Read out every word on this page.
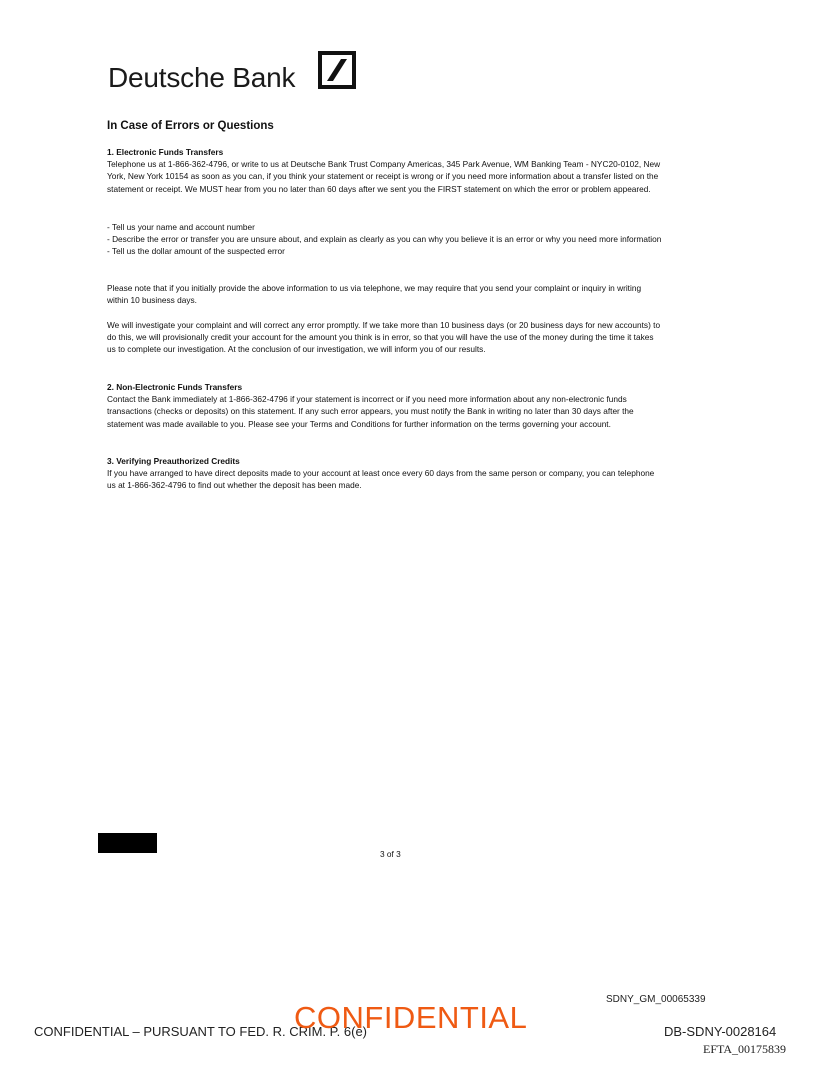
Deutsche Bank
In Case of Errors or Questions

1. Electronic Funds Transfers

Telephone us at 1-866-362-4796, or write to us at Deutsche Bank Trust Company Americas, 345 Park Avenue, WM Banking Team - NYC20-0102, New York, New York 10154 as soon as you can, if you think your statement or receipt is wrong or if you need more information about a transfer listed on the statement or receipt. We MUST hear from you no later than 60 days after we sent you the FIRST statement on which the error or problem appeared.

- Tell us your name and account number

- Describe the error or transfer you are unsure about, and explain as clearly as you can why you believe it is an error or why you need more information

- Tell us the dollar amount of the suspected error

Please note that if you initially provide the above information to us via telephone, we may require that you send your complaint or inquiry in writing within 10 business days.

We will investigate your complaint and will correct any error promptly. If we take more than 10 business days (or 20 business days for new accounts) to do this, we will provisionally credit your account for the amount you think is in error, so that you will have the use of the money during the time it takes us to complete our investigation. At the conclusion of our investigation, we will inform you of our results.

2. Non-Electronic Funds Transfers

Contact the Bank immediately at 1-866-362-4796 if your statement is incorrect or if you need more information about any non-electronic funds transactions (checks or deposits) on this statement. If any such error appears, you must notify the Bank in writing no later than 30 days after the statement was made available to you. Please see your Terms and Conditions for further information on the terms governing your account.

3. Verifying Preauthorized Credits

If you have arranged to have direct deposits made to your account at least once every 60 days from the same person or company, you can telephone us at 1-866-362-4796 to find out whether the deposit has been made.

3 of 3
SDNY_GM_00065339
CONFIDENTIAL – PURSUANT TO FED. R. CRIM. P. 6(e)
CONFIDENTIAL	DB-SDNY-0028164
EFTA_00175839
